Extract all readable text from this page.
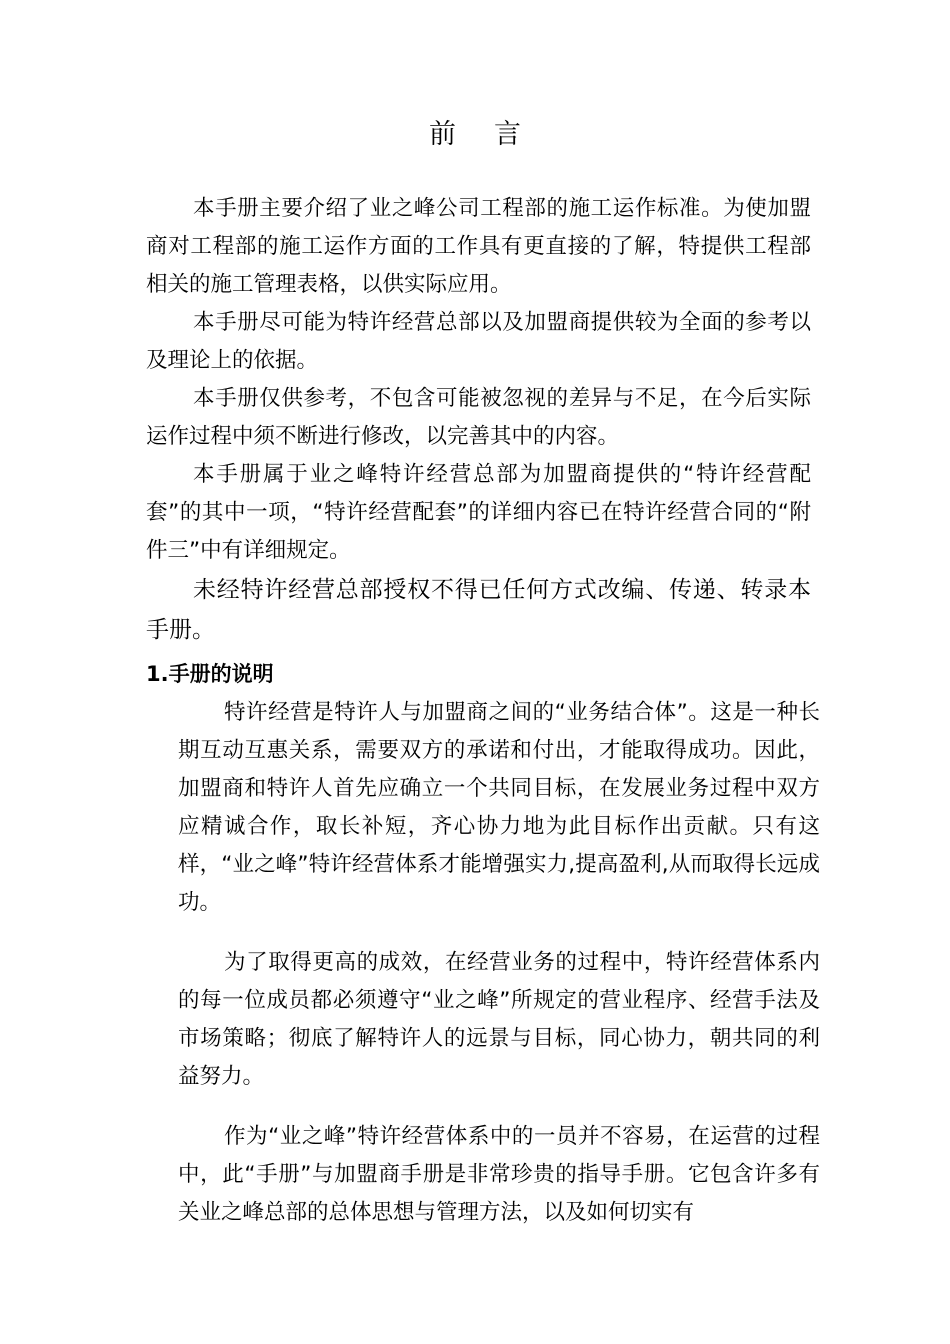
前言

本手册主要介绍了业之峰公司工程部的施工运作标准。为使加盟商对工程部的施工运作方面的工作具有更直接的了解，特提供工程部相关的施工管理表格，以供实际应用。

本手册尽可能为特许经营总部以及加盟商提供较为全面的参考以及理论上的依据。

本手册仅供参考，不包含可能被忽视的差异与不足，在今后实际运作过程中须不断进行修改，以完善其中的内容。

本手册属于业之峰特许经营总部为加盟商提供的“特许经营配套”的其中一项，“特许经营配套”的详细内容已在特许经营合同的“附件三”中有详细规定。

未经特许经营总部授权不得已任何方式改编、传递、转录本手册。

1.手册的说明

特许经营是特许人与加盟商之间的“业务结合体”。这是一种长期互动互惠关系，需要双方的承诺和付出，才能取得成功。因此，加盟商和特许人首先应确立一个共同目标，在发展业务过程中双方应精诚合作，取长补短，齐心协力地为此目标作出贡献。只有这样，“业之峰”特许经营体系才能增强实力,提高盈利,从而取得长远成功。

为了取得更高的成效，在经营业务的过程中，特许经营体系内的每一位成员都必须遵守“业之峰”所规定的营业程序、经营手法及市场策略；彻底了解特许人的远景与目标，同心协力，朝共同的利益努力。

作为“业之峰”特许经营体系中的一员并不容易，在运营的过程中，此“手册”与加盟商手册是非常珍贵的指导手册。它包含许多有关业之峰总部的总体思想与管理方法，以及如何切实有
